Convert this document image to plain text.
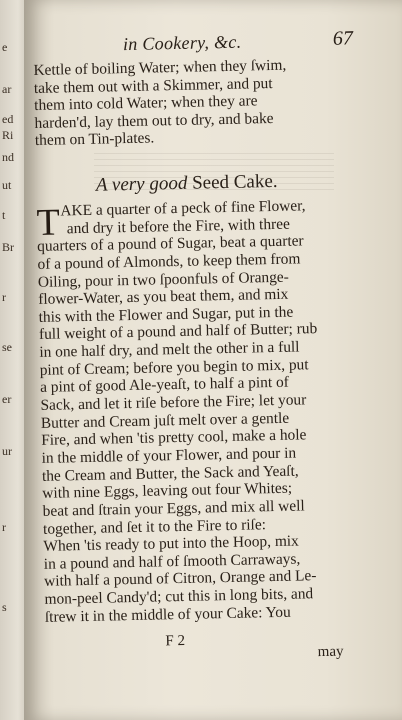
e
ar
ed
Ri
nd
ut
t
Br
r
se
er
ur
r
s
in Cookery, &c.	67
Kettle of boiling Water; when they ſwim,
take them out with a Skimmer, and put
them into cold Water; when they are
harden'd, lay them out to dry, and bake
them on Tin-plates.
A very good Seed Cake.
T AKE a quarter of a peck of fine Flower,
and dry it before the Fire, with three
quarters of a pound of Sugar, beat a quarter
of a pound of Almonds, to keep them from
Oiling, pour in two ſpoonfuls of Orange-
flower-Water, as you beat them, and mix
this with the Flower and Sugar, put in the
full weight of a pound and half of Butter; rub
in one half dry, and melt the other in a full
pint of Cream; before you begin to mix, put
a pint of good Ale-yeaſt, to half a pint of
Sack, and let it riſe before the Fire; let your
Butter and Cream juſt melt over a gentle
Fire, and when 'tis pretty cool, make a hole
in the middle of your Flower, and pour in
the Cream and Butter, the Sack and Yeaſt,
with nine Eggs, leaving out four Whites;
beat and ſtrain your Eggs, and mix all well
together, and ſet it to the Fire to riſe:
When 'tis ready to put into the Hoop, mix
in a pound and half of ſmooth Carraways,
with half a pound of Citron, Orange and Le-
mon-peel Candy'd; cut this in long bits, and
ſtrew it in the middle of your Cake: You
F 2
may
